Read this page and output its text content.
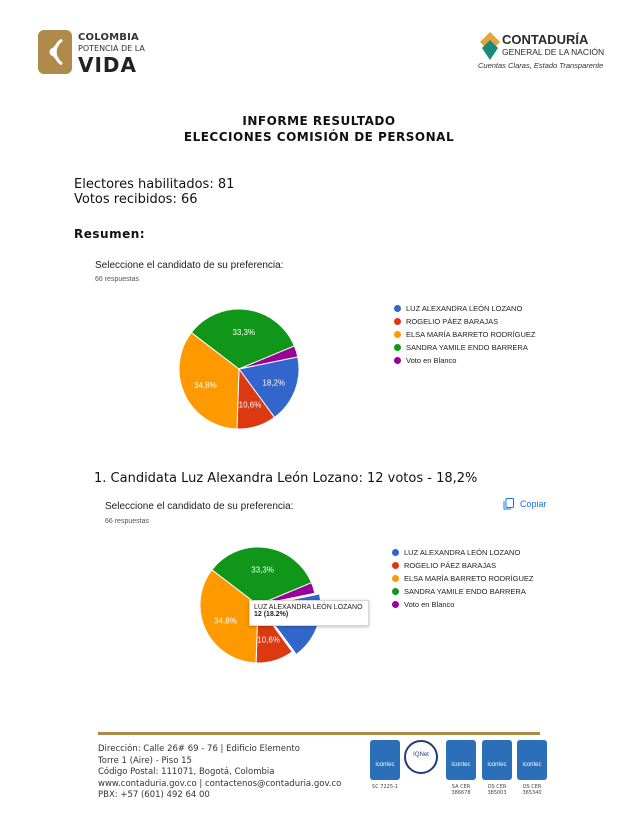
COLOMBIA
POTENCIA DE LA
VIDA
CONTADURÍA
GENERAL DE LA NACIÓN
Cuentas Claras, Estado Transparente
INFORME RESULTADO
ELECCIONES COMISIÓN DE PERSONAL
Electores habilitados: 81
Votos recibidos: 66
Resumen:
Seleccione el candidato de su preferencia:
66 respuestas
18,2%
10,6%
34,8%
33,3%
LUZ ALEXANDRA LEÓN LOZANO
ROGELIO PÁEZ BARAJAS
ELSA MARÍA BARRETO RODRÍGUEZ
SANDRA YAMILE ENDO BARRERA
Voto en Blanco
1. Candidata Luz Alexandra León Lozano: 12 votos - 18,2%
Seleccione el candidato de su preferencia:
66 respuestas
Copiar
10,6%
34,8%
33,3%
LUZ ALEXANDRA LEÓN LOZANO
ROGELIO PÁEZ BARAJAS
ELSA MARÍA BARRETO RODRÍGUEZ
SANDRA YAMILE ENDO BARRERA
Voto en Blanco
LUZ ALEXANDRA LEÓN LOZANO
12 (18.2%)
Dirección: Calle 26# 69 - 76 | Edificio Elemento
Torre 1 (Aire) - Piso 15
Código Postal: 111071, Bogotá, Colombia
www.contaduria.gov.co | contactenos@contaduria.gov.co
PBX: +57 (601) 492 64 00
icontec
SC 7225-1
IQNet
icontec
SA CER 386678
icontec
OS CER 385003
icontec
OS CER 365340
